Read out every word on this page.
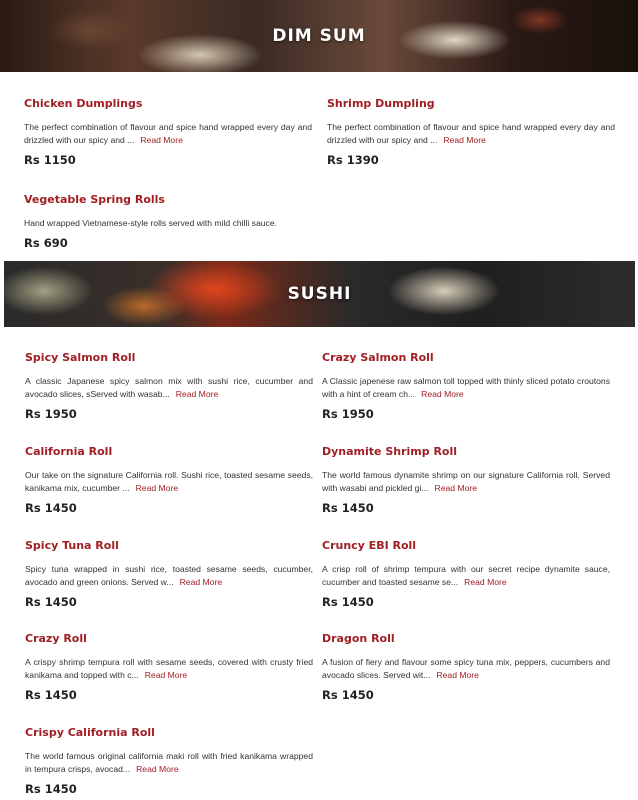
DIM SUM
Chicken Dumplings

The perfect combination of flavour and spice hand wrapped every day and drizzled with our spicy and ... Read More

Rs 1150
Shrimp Dumpling

The perfect combination of flavour and spice hand wrapped every day and drizzled with our spicy and ... Read More

Rs 1390
Vegetable Spring Rolls

Hand wrapped Vietnamese-style rolls served with mild chilli sauce.

Rs 690
SUSHI
Spicy Salmon Roll

A classic Japanese spicy salmon mix with sushi rice, cucumber and avocado slices, sServed with wasab... Read More

Rs 1950
Crazy Salmon Roll

A Classic japenese raw salmon toll topped with thinly sliced potato croutons with a hint of cream ch... Read More

Rs 1950
California Roll

Our take on the signature California roll. Sushi rice, toasted sesame seeds, kanikama mix, cucumber ... Read More

Rs 1450
Dynamite Shrimp Roll

The world famous dynamite shrimp on our signature California roll. Served with wasabi and pickled gi... Read More

Rs 1450
Spicy Tuna Roll

Spicy tuna wrapped in sushi rice, toasted sesame seeds, cucumber, avocado and green onions. Served w... Read More

Rs 1450
Cruncy EBI Roll

A crisp roll of shrimp tempura with our secret recipe dynamite sauce, cucumber and toasted sesame se... Read More

Rs 1450
Crazy Roll

A crispy shrimp tempura roll with sesame seeds, covered with crusty fried kanikama and topped with c... Read More

Rs 1450
Dragon Roll

A fusion of fiery and flavour some spicy tuna mix, peppers, cucumbers and avocado slices. Served wit... Read More

Rs 1450
Crispy California Roll

The world famous original california maki roll with fried kanikama wrapped in tempura crisps, avocad... Read More

Rs 1450
